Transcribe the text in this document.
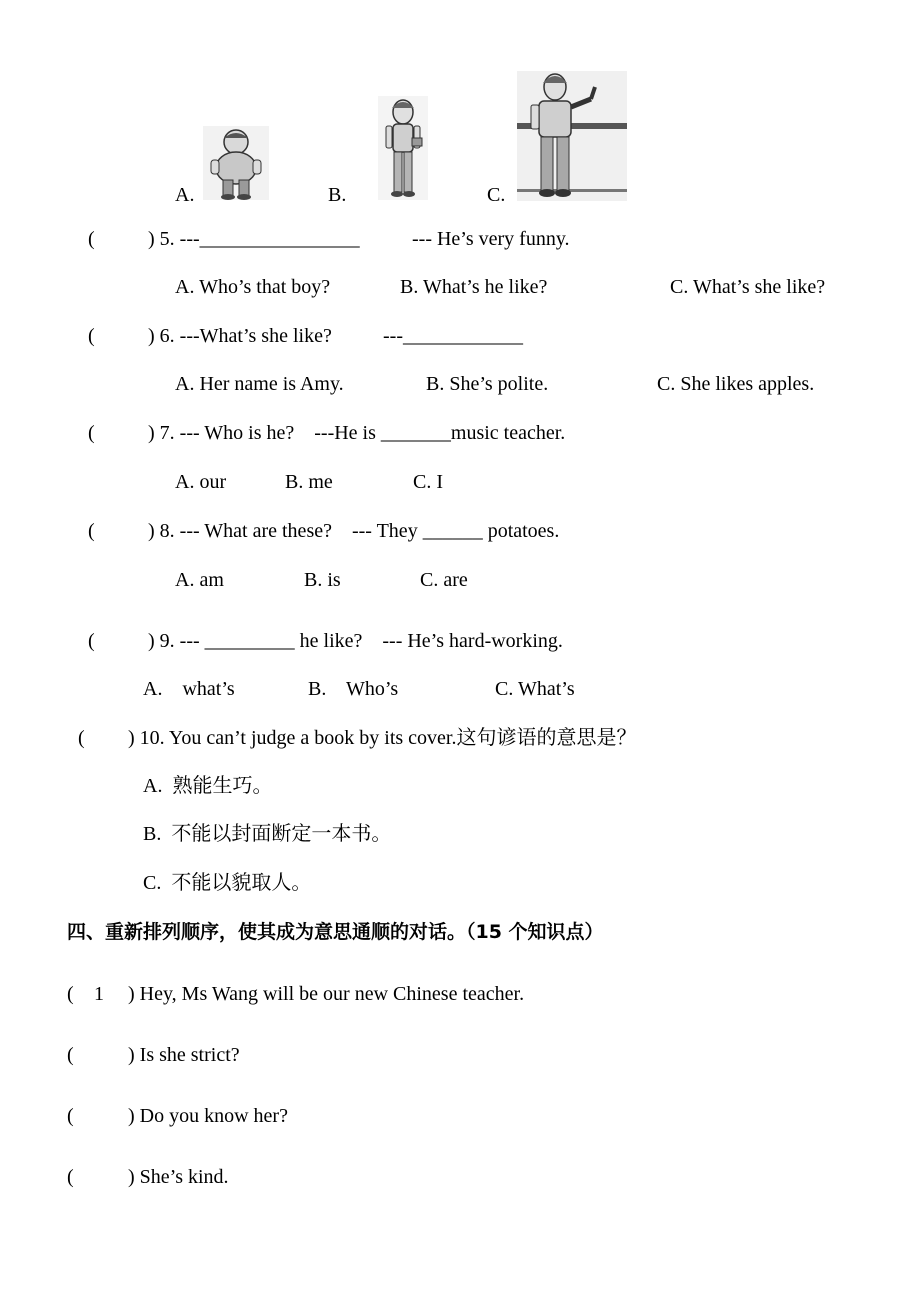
A.	B.	C.
(	) 5. ---________________	--- He’s very funny.
A. Who’s that boy?	B. What’s he like?	C. What’s she like?
(	) 6. ---What’s she like?	---____________
A. Her name is Amy.	B. She’s polite.	C. She likes apples.
(	) 7. --- Who is he?    ---He is _______music teacher.
A. our	B. me	C. I
(	) 8. --- What are these?    --- They ______ potatoes.
A. am	B. is	C. are
(	) 9. --- _________ he like?    --- He’s hard-working.
A.    what’s	B.    Who’s	C. What’s
( ) 10. You can’t judge a book by its cover.这句谚语的意思是？
A.  熟能生巧。
B.  不能以封面断定一本书。
C.  不能以貌取人。
四、重新排列顺序，使其成为意思通顺的对话。（15 个知识点）
( 1 ) Hey, Ms Wang will be our new Chinese teacher.
(	) Is she strict?
(	) Do you know her?
(	) She’s kind.
